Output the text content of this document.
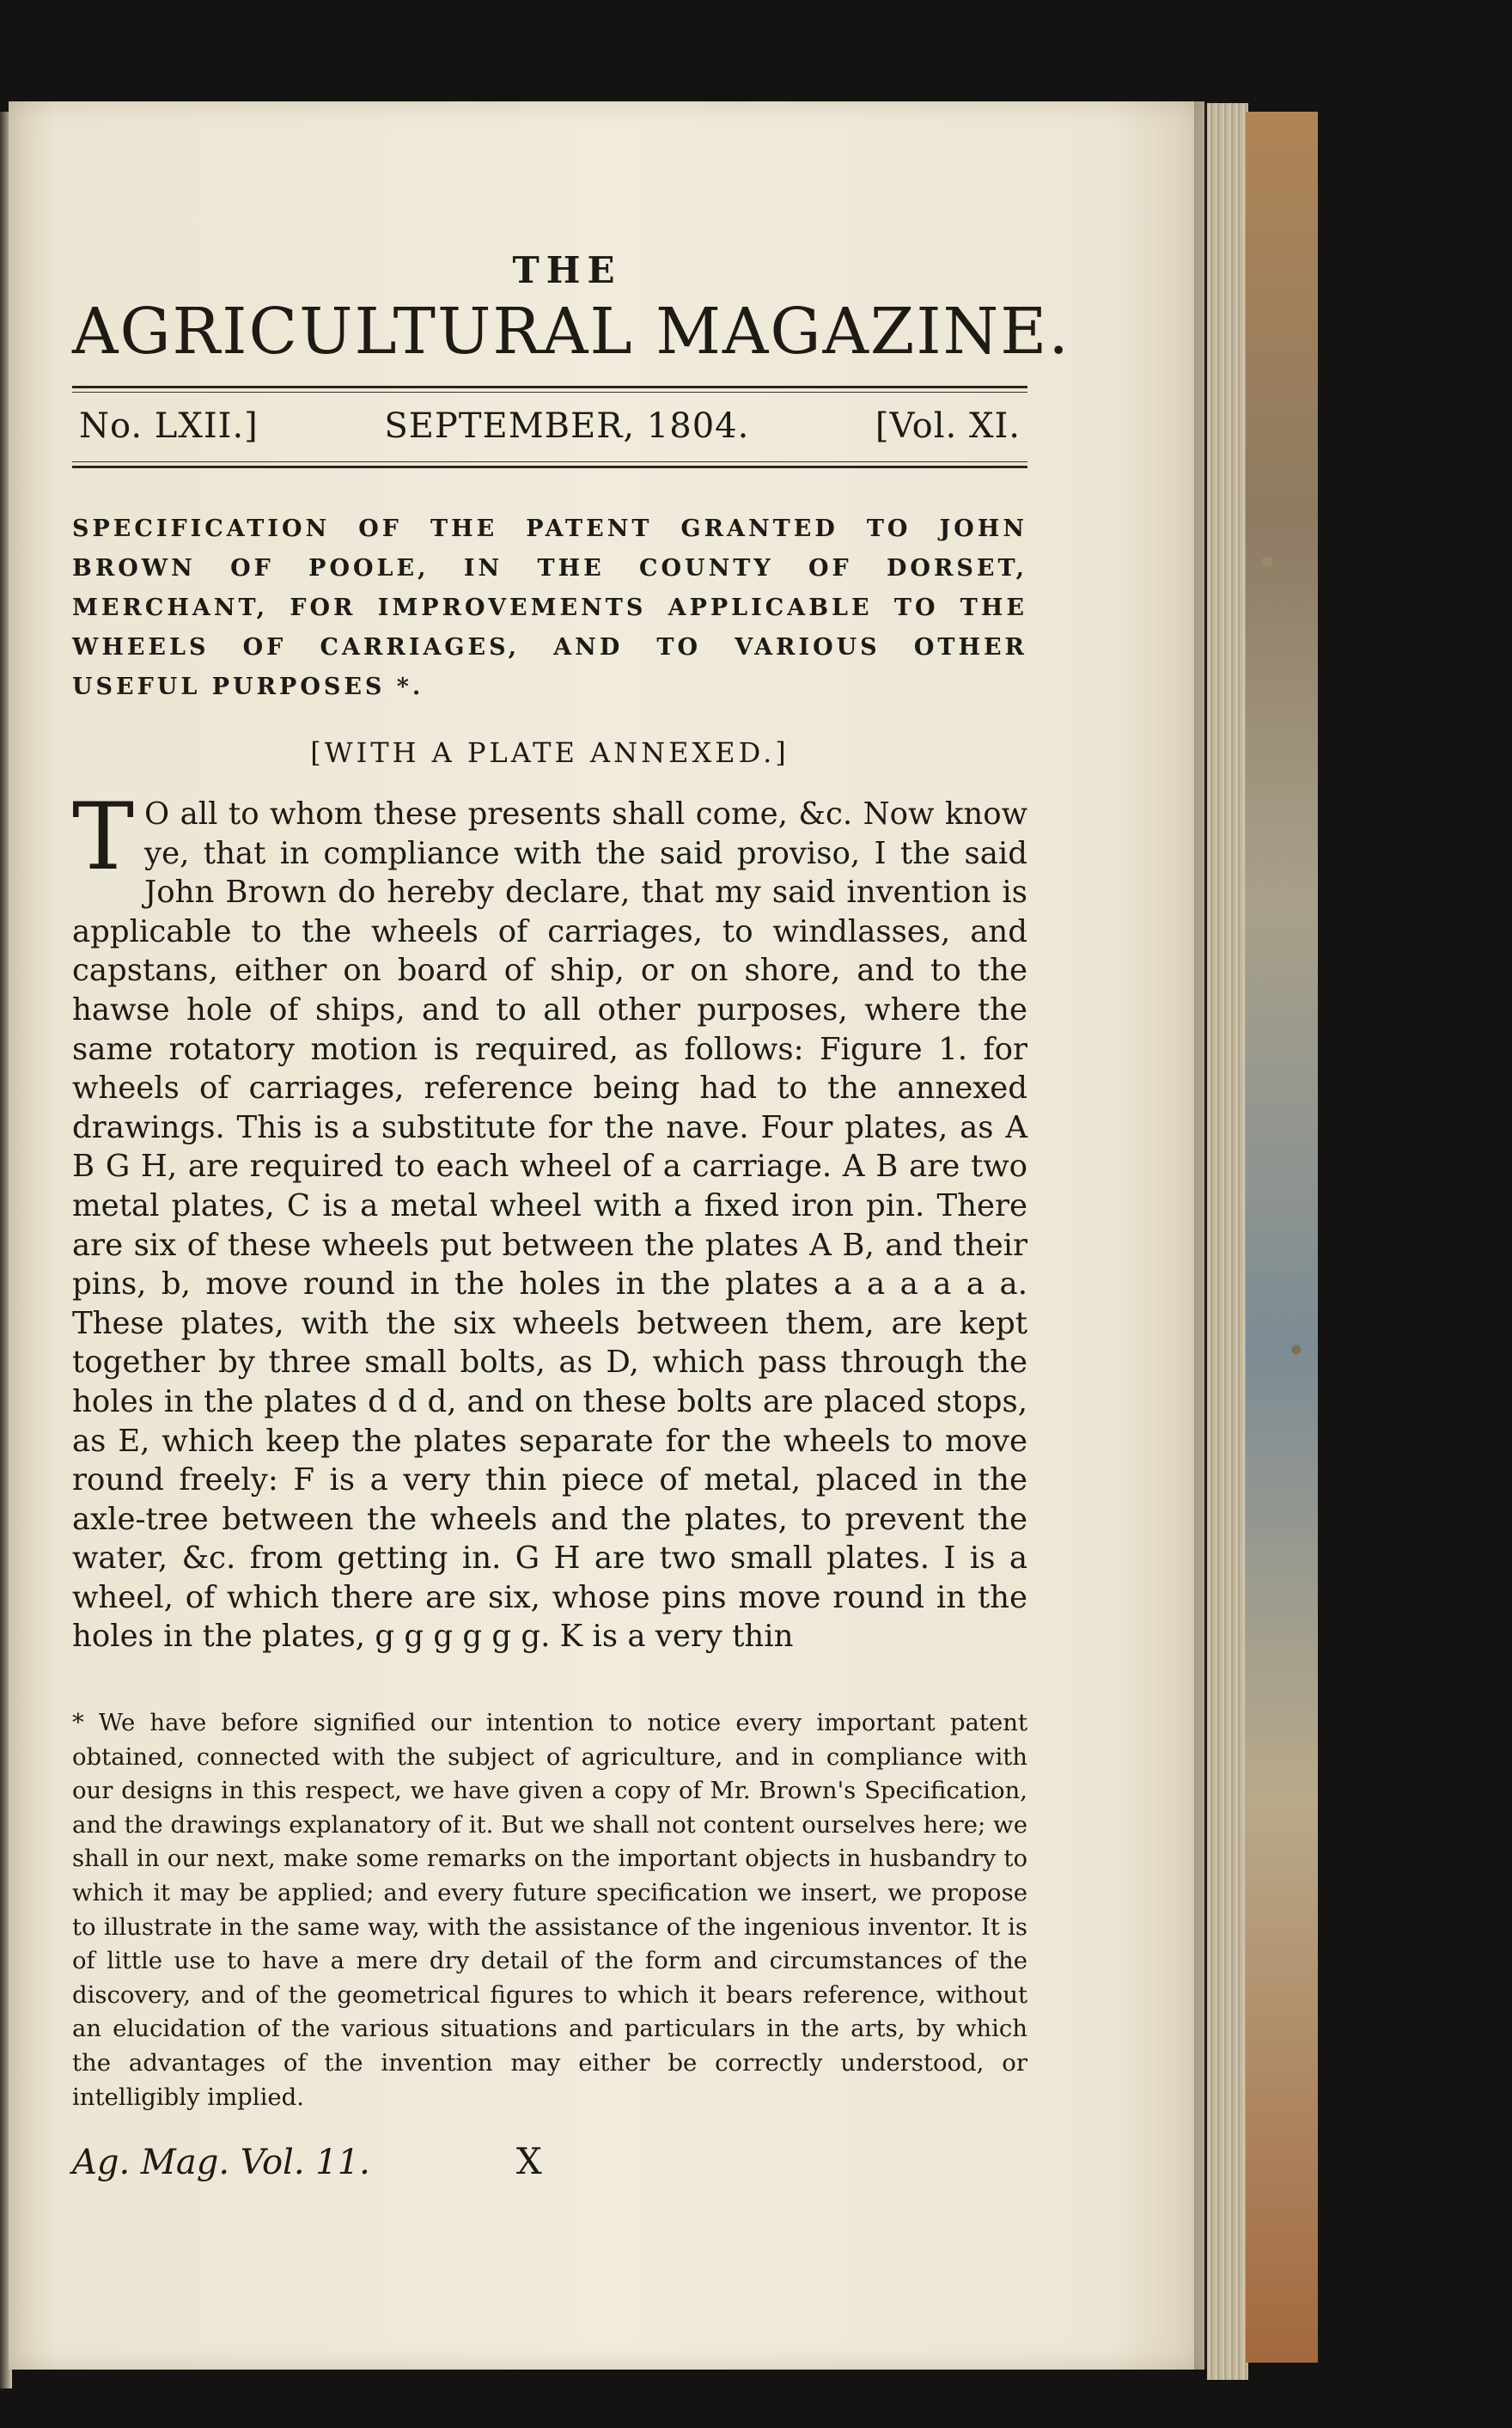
THE
AGRICULTURAL MAGAZINE.
No. LXII.]	SEPTEMBER, 1804.	[Vol. XI.

SPECIFICATION OF THE PATENT GRANTED TO JOHN BROWN OF POOLE, IN THE COUNTY OF DORSET, MERCHANT, FOR IMPROVEMENTS APPLICABLE TO THE WHEELS OF CARRIAGES, AND TO VARIOUS OTHER USEFUL PURPOSES *.

[WITH A PLATE ANNEXED.]

T O all to whom these presents shall come, &c. Now know ye, that in compliance with the said proviso, I the said John Brown do hereby declare, that my said invention is applicable to the wheels of carriages, to windlasses, and capstans, either on board of ship, or on shore, and to the hawse hole of ships, and to all other purposes, where the same rotatory motion is required, as follows: Figure 1. for wheels of carriages, reference being had to the annexed drawings. This is a substitute for the nave. Four plates, as A B G H, are required to each wheel of a carriage. A B are two metal plates, C is a metal wheel with a fixed iron pin. There are six of these wheels put between the plates A B, and their pins, b, move round in the holes in the plates a a a a a a. These plates, with the six wheels between them, are kept together by three small bolts, as D, which pass through the holes in the plates d d d, and on these bolts are placed stops, as E, which keep the plates separate for the wheels to move round freely: F is a very thin piece of metal, placed in the axle-tree between the wheels and the plates, to prevent the water, &c. from getting in. G H are two small plates. I is a wheel, of which there are six, whose pins move round in the holes in the plates, g g g g g g. K is a very thin

* We have before signified our intention to notice every important patent obtained, connected with the subject of agriculture, and in compliance with our designs in this respect, we have given a copy of Mr. Brown's Specification, and the drawings explanatory of it. But we shall not content ourselves here; we shall in our next, make some remarks on the important objects in husbandry to which it may be applied; and every future specification we insert, we propose to illustrate in the same way, with the assistance of the ingenious inventor. It is of little use to have a mere dry detail of the form and circumstances of the discovery, and of the geometrical figures to which it bears reference, without an elucidation of the various situations and particulars in the arts, by which the advantages of the invention may either be correctly understood, or intelligibly implied.

Ag. Mag. Vol. 11.	X
